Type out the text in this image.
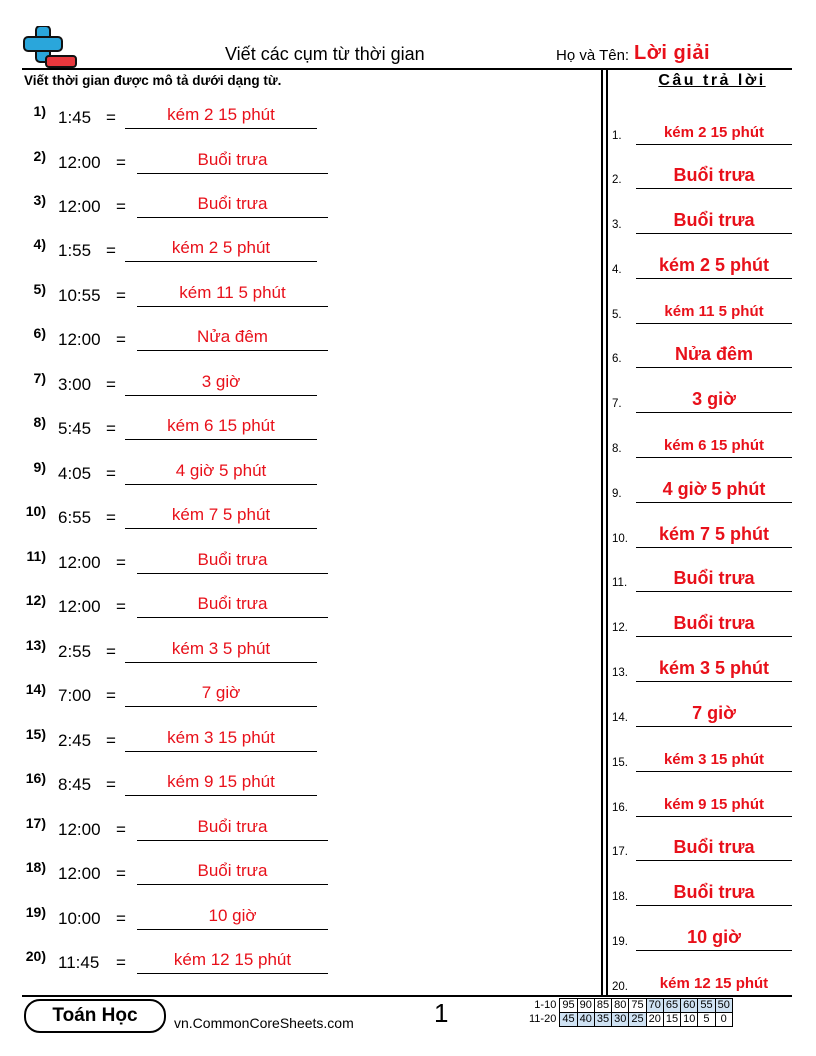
Viết các cụm từ thời gian	Họ và Tên: Lời giải
Viết thời gian được mô tả dưới dạng từ.	Câu trả lời
1) 1:45 =	kém 2 15 phút
2) 12:00 =	Buổi trưa
3) 12:00 =	Buổi trưa
4) 1:55 =	kém 2 5 phút
5) 10:55 =	kém 11 5 phút
6) 12:00 =	Nửa đêm
7) 3:00 =	3 giờ
8) 5:45 =	kém 6 15 phút
9) 4:05 =	4 giờ 5 phút
10) 6:55 =	kém 7 5 phút
11) 12:00 =	Buổi trưa
12) 12:00 =	Buổi trưa
13) 2:55 =	kém 3 5 phút
14) 7:00 =	7 giờ
15) 2:45 =	kém 3 15 phút
16) 8:45 =	kém 9 15 phút
17) 12:00 =	Buổi trưa
18) 12:00 =	Buổi trưa
19) 10:00 =	10 giờ
20) 11:45 =	kém 12 15 phút
1.	kém 2 15 phút
2.	Buổi trưa
3.	Buổi trưa
4.	kém 2 5 phút
5.	kém 11 5 phút
6.	Nửa đêm
7.	3 giờ
8.	kém 6 15 phút
9.	4 giờ 5 phút
10.	kém 7 5 phút
11.	Buổi trưa
12.	Buổi trưa
13.	kém 3 5 phút
14.	7 giờ
15.	kém 3 15 phút
16.	kém 9 15 phút
17.	Buổi trưa
18.	Buổi trưa
19.	10 giờ
20.	kém 12 15 phút
Toán Học	vn.CommonCoreSheets.com	1	1-10	95	90	85	80	75	70	65	60	55	50
11-20	45	40	35	30	25	20	15	10	5	0
